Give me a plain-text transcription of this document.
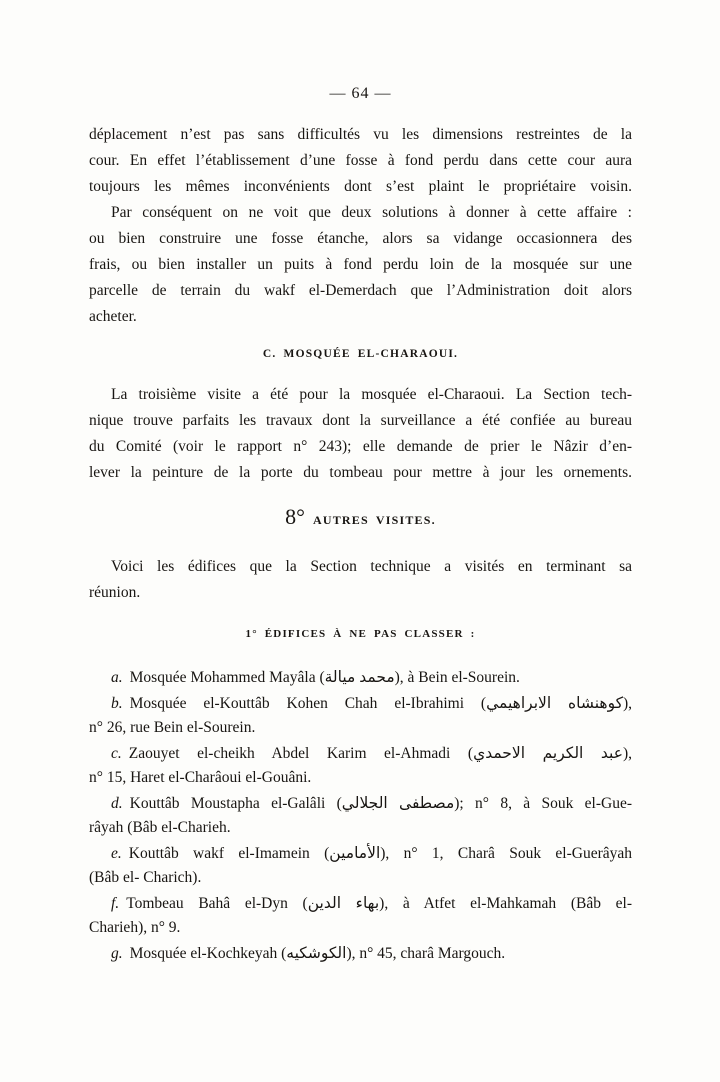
— 64 —
déplacement n’est pas sans difficultés vu les dimensions restreintes de la
cour. En effet l’établissement d’une fosse à fond perdu dans cette cour aura
toujours les mêmes inconvénients dont s’est plaint le propriétaire voisin.
Par conséquent on ne voit que deux solutions à donner à cette affaire :
ou bien construire une fosse étanche, alors sa vidange occasionnera des
frais, ou bien installer un puits à fond perdu loin de la mosquée sur une
parcelle de terrain du wakf el-Demerdach que l’Administration doit alors
acheter.
C. MOSQUÉE EL-CHARAOUI.
La troisième visite a été pour la mosquée el-Charaoui. La Section tech-
nique trouve parfaits les travaux dont la surveillance a été confiée au bureau
du Comité (voir le rapport n° 243); elle demande de prier le Nâzir d’en-
lever la peinture de la porte du tombeau pour mettre à jour les ornements.
8° AUTRES VISITES.
Voici les édifices que la Section technique a visités en terminant sa
réunion.
1° ÉDIFICES À NE PAS CLASSER :
a. Mosquée Mohammed Mayâla (محمد ميالة), à Bein el-Sourein.
b. Mosquée el-Kouttâb Kohen Chah el-Ibrahimi (كوهنشاه الابراهيمي),
n° 26, rue Bein el-Sourein.
c. Zaouyet el-cheikh Abdel Karim el-Ahmadi (عبد الكريم الاحمدي),
n° 15, Haret el-Charâoui el-Gouâni.
d. Kouttâb Moustapha el-Galâli (مصطفى الجلالي); n° 8, à Souk el-Gue-
râyah (Bâb el-Charieh.
e. Kouttâb wakf el-Imamein (الأمامين), n° 1, Charâ Souk el-Guerâyah
(Bâb el- Charich).
f. Tombeau Bahâ el-Dyn (بهاء الدين), à Atfet el-Mahkamah (Bâb el-
Charieh), n° 9.
g. Mosquée el-Kochkeyah (الكوشكيه), n° 45, charâ Margouch.
